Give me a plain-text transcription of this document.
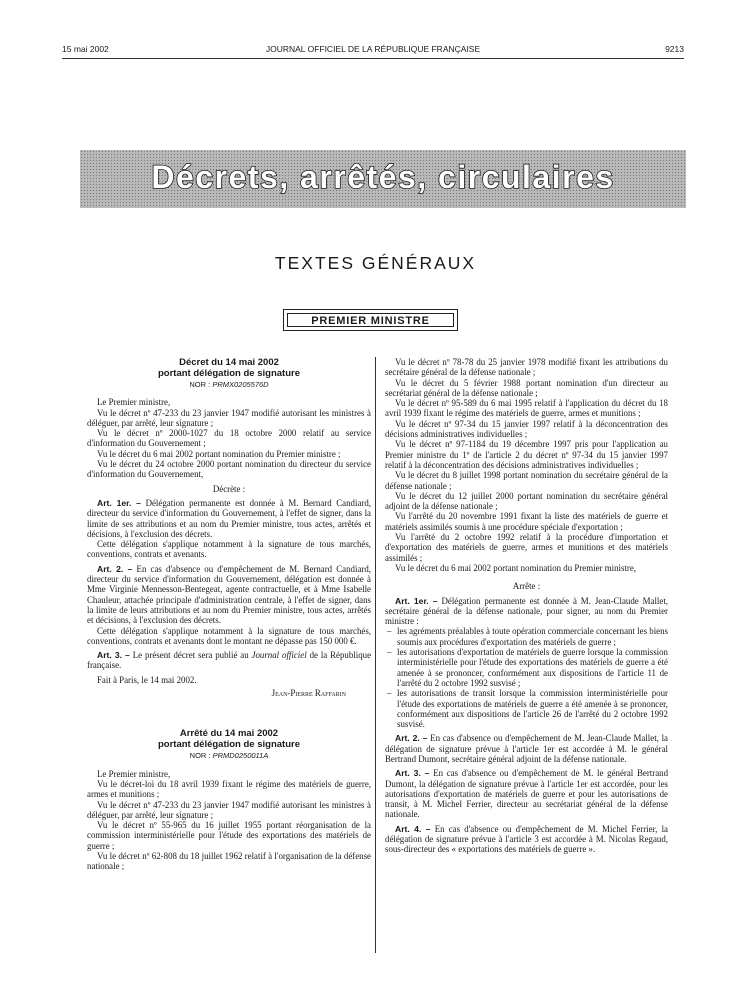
15 mai 2002	JOURNAL OFFICIEL DE LA RÉPUBLIQUE FRANÇAISE	9213
Décrets, arrêtés, circulaires
TEXTES GÉNÉRAUX
PREMIER MINISTRE
Décret du 14 mai 2002
portant délégation de signature
NOR : PRMX0205576D

Le Premier ministre,

Vu le décret nº 47-233 du 23 janvier 1947 modifié autorisant les ministres à déléguer, par arrêté, leur signature ;

Vu le décret nº 2000-1027 du 18 octobre 2000 relatif au service d'information du Gouvernement ;

Vu le décret du 6 mai 2002 portant nomination du Premier ministre ;

Vu le décret du 24 octobre 2000 portant nomination du directeur du service d'information du Gouvernement,

Décrète :

Art. 1er. – Délégation permanente est donnée à M. Bernard Candiard, directeur du service d'information du Gouvernement, à l'effet de signer, dans la limite de ses attributions et au nom du Premier ministre, tous actes, arrêtés et décisions, à l'exclusion des décrets.

Cette délégation s'applique notamment à la signature de tous marchés, conventions, contrats et avenants.

Art. 2. – En cas d'absence ou d'empêchement de M. Bernard Candiard, directeur du service d'information du Gouvernement, délégation est donnée à Mme Virginie Mennesson-Bentegeat, agente contractuelle, et à Mme Isabelle Chauleur, attachée principale d'administration centrale, à l'effet de signer, dans la limite de leurs attributions et au nom du Premier ministre, tous actes, arrêtés et décisions, à l'exclusion des décrets.

Cette délégation s'applique notamment à la signature de tous marchés, conventions, contrats et avenants dont le montant ne dépasse pas 150 000 €.

Art. 3. – Le présent décret sera publié au Journal officiel de la République française.

Fait à Paris, le 14 mai 2002.

Jean-Pierre Raffarin

Arrêté du 14 mai 2002
portant délégation de signature
NOR : PRMD0250011A

Le Premier ministre,

Vu le décret-loi du 18 avril 1939 fixant le régime des matériels de guerre, armes et munitions ;

Vu le décret nº 47-233 du 23 janvier 1947 modifié autorisant les ministres à déléguer, par arrêté, leur signature ;

Vu le décret nº 55-965 du 16 juillet 1955 portant réorganisation de la commission interministérielle pour l'étude des exportations des matériels de guerre ;

Vu le décret nº 62-808 du 18 juillet 1962 relatif à l'organisation de la défense nationale ;

Vu le décret nº 78-78 du 25 janvier 1978 modifié fixant les attributions du secrétaire général de la défense nationale ;

Vu le décret du 5 février 1988 portant nomination d'un directeur au secrétariat général de la défense nationale ;

Vu le décret nº 95-589 du 6 mai 1995 relatif à l'application du décret du 18 avril 1939 fixant le régime des matériels de guerre, armes et munitions ;

Vu le décret nº 97-34 du 15 janvier 1997 relatif à la déconcentration des décisions administratives individuelles ;

Vu le décret nº 97-1184 du 19 décembre 1997 pris pour l'application au Premier ministre du 1º de l'article 2 du décret nº 97-34 du 15 janvier 1997 relatif à la déconcentration des décisions administratives individuelles ;

Vu le décret du 8 juillet 1998 portant nomination du secrétaire général de la défense nationale ;

Vu le décret du 12 juillet 2000 portant nomination du secrétaire général adjoint de la défense nationale ;

Vu l'arrêté du 20 novembre 1991 fixant la liste des matériels de guerre et matériels assimilés soumis à une procédure spéciale d'exportation ;

Vu l'arrêté du 2 octobre 1992 relatif à la procédure d'importation et d'exportation des matériels de guerre, armes et munitions et des matériels assimilés ;

Vu le décret du 6 mai 2002 portant nomination du Premier ministre,

Arrête :

Art. 1er. – Délégation permanente est donnée à M. Jean-Claude Mallet, secrétaire général de la défense nationale, pour signer, au nom du Premier ministre :

– les agréments préalables à toute opération commerciale concernant les biens soumis aux procédures d'exportation des matériels de guerre ;

– les autorisations d'exportation de matériels de guerre lorsque la commission interministérielle pour l'étude des exportations des matériels de guerre a été amenée à se prononcer, conformément aux dispositions de l'article 11 de l'arrêté du 2 octobre 1992 susvisé ;

– les autorisations de transit lorsque la commission interministérielle pour l'étude des exportations de matériels de guerre a été amenée à se prononcer, conformément aux dispositions de l'article 26 de l'arrêté du 2 octobre 1992 susvisé.

Art. 2. – En cas d'absence ou d'empêchement de M. Jean-Claude Mallet, la délégation de signature prévue à l'article 1er est accordée à M. le général Bertrand Dumont, secrétaire général adjoint de la défense nationale.

Art. 3. – En cas d'absence ou d'empêchement de M. le général Bertrand Dumont, la délégation de signature prévue à l'article 1er est accordée, pour les autorisations d'exportation de matériels de guerre et pour les autorisations de transit, à M. Michel Ferrier, directeur au secrétariat général de la défense nationale.

Art. 4. – En cas d'absence ou d'empêchement de M. Michel Ferrier, la délégation de signature prévue à l'article 3 est accordée à M. Nicolas Regaud, sous-directeur des « exportations des matériels de guerre ».
